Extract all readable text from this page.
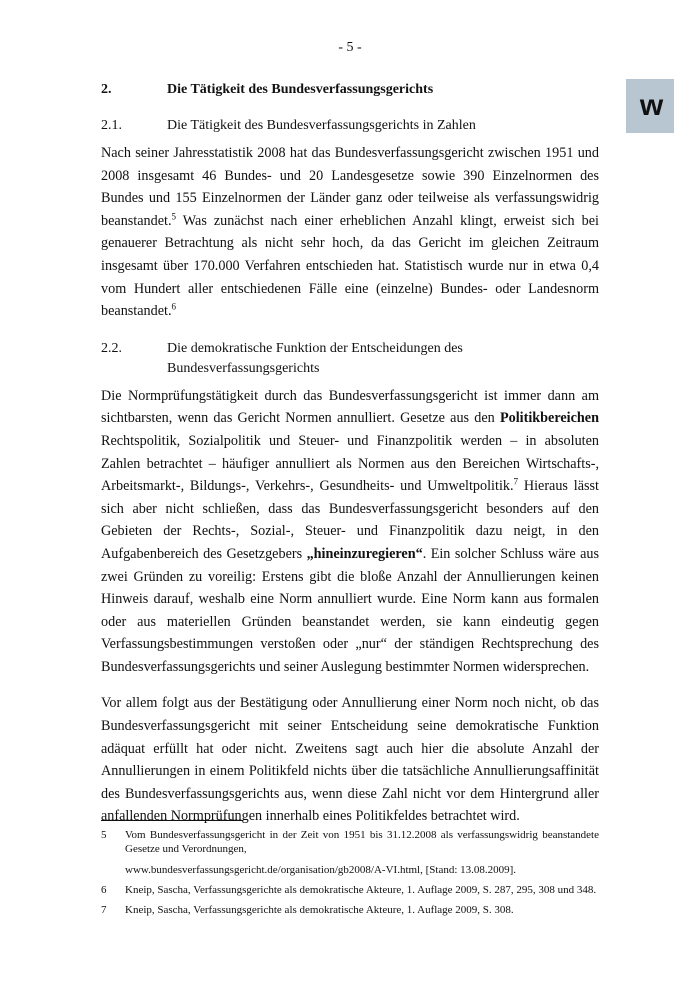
- 5 -
w
2.	Die Tätigkeit des Bundesverfassungsgerichts
2.1.	Die Tätigkeit des Bundesverfassungsgerichts in Zahlen

Nach seiner Jahresstatistik 2008 hat das Bundesverfassungsgericht zwischen 1951 und 2008 insgesamt 46 Bundes- und 20 Landesgesetze sowie 390 Einzelnormen des Bundes und 155 Einzelnormen der Länder ganz oder teilweise als verfassungswidrig beanstandet.$^5$ Was zunächst nach einer erheblichen Anzahl klingt, erweist sich bei genauerer Betrachtung als nicht sehr hoch, da das Gericht im gleichen Zeitraum insgesamt über 170.000 Verfahren entschieden hat. Statistisch wurde nur in etwa 0,4 vom Hundert aller entschiedenen Fälle eine (einzelne) Bundes- oder Landesnorm beanstandet.$^6$

2.2.	Die demokratische Funktion der Entscheidungen des Bundesverfassungsgerichts

Die Normprüfungstätigkeit durch das Bundesverfassungsgericht ist immer dann am sichtbarsten, wenn das Gericht Normen annulliert. Gesetze aus den Politikbereichen Rechtspolitik, Sozialpolitik und Steuer- und Finanzpolitik werden – in absoluten Zahlen betrachtet – häufiger annulliert als Normen aus den Bereichen Wirtschafts-, Arbeitsmarkt-, Bildungs-, Verkehrs-, Gesundheits- und Umweltpolitik.$^7$ Hieraus lässt sich aber nicht schließen, dass das Bundesverfassungsgericht besonders auf den Gebieten der Rechts-, Sozial-, Steuer- und Finanzpolitik dazu neigt, in den Aufgabenbereich des Gesetzgebers „hineinzuregieren“. Ein solcher Schluss wäre aus zwei Gründen zu voreilig: Erstens gibt die bloße Anzahl der Annullierungen keinen Hinweis darauf, weshalb eine Norm annulliert wurde. Eine Norm kann aus formalen oder aus materiellen Gründen beanstandet werden, sie kann eindeutig gegen Verfassungsbestimmungen verstoßen oder „nur“ der ständigen Rechtsprechung des Bundesverfassungsgerichts und seiner Auslegung bestimmter Normen widersprechen.

Vor allem folgt aus der Bestätigung oder Annullierung einer Norm noch nicht, ob das Bundesverfassungsgericht mit seiner Entscheidung seine demokratische Funktion adäquat erfüllt hat oder nicht. Zweitens sagt auch hier die absolute Anzahl der Annullierungen in einem Politikfeld nichts über die tatsächliche Annullierungsaffinität des Bundesverfassungsgerichts aus, wenn diese Zahl nicht vor dem Hintergrund aller anfallenden Normprüfungen innerhalb eines Politikfeldes betrachtet wird.

5	Vom Bundesverfassungsgericht in der Zeit von 1951 bis 31.12.2008 als verfassungswidrig beanstandete Gesetze und Verordnungen,
www.bundesverfassungsgericht.de/organisation/gb2008/A-VI.html, [Stand: 13.08.2009].
6	Kneip, Sascha, Verfassungsgerichte als demokratische Akteure, 1. Auflage 2009, S. 287, 295, 308 und 348.
7	Kneip, Sascha, Verfassungsgerichte als demokratische Akteure, 1. Auflage 2009, S. 308.
